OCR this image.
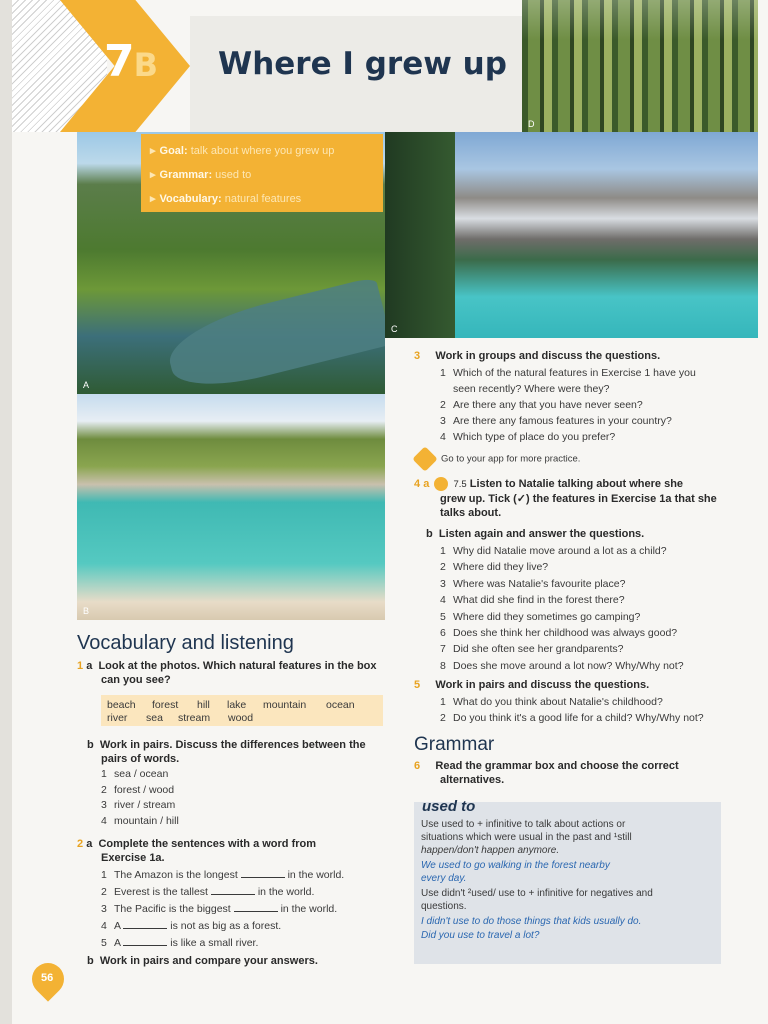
7B Where I grew up
D
A
C
B
▸ Goal: talk about where you grew up
▸ Grammar: used to
▸ Vocabulary: natural features
Vocabulary and listening
1 a Look at the photos. Which natural features in the box
can you see?
beach forest hill lake mountain ocean
river sea stream wood
b Work in pairs. Discuss the differences between the
pairs of words.
1 sea / ocean
2 forest / wood
3 river / stream
4 mountain / hill
2 a Complete the sentences with a word from
Exercise 1a.
1 The Amazon is the longest	in the world.
2 Everest is the tallest	in the world.
3 The Pacific is the biggest	in the world.
4 A	is not as big as a forest.
5 A	is like a small river.
b Work in pairs and compare your answers.
56
3 Work in groups and discuss the questions.
1 Which of the natural features in Exercise 1 have you
seen recently? Where were they?
2 Are there any that you have never seen?
3 Are there any famous features in your country?
4 Which type of place do you prefer?
Go to your app for more practice.
4 a	7.5 Listen to Natalie talking about where she
grew up. Tick (✓) the features in Exercise 1a that she
talks about.
b Listen again and answer the questions.
1 Why did Natalie move around a lot as a child?
2 Where did they live?
3 Where was Natalie's favourite place?
4 What did she find in the forest there?
5 Where did they sometimes go camping?
6 Does she think her childhood was always good?
7 Did she often see her grandparents?
8 Does she move around a lot now? Why/Why not?
5 Work in pairs and discuss the questions.
1 What do you think about Natalie's childhood?
2 Do you think it's a good life for a child? Why/Why not?
Grammar
6 Read the grammar box and choose the correct
alternatives.
used to
Use used to + infinitive to talk about actions or
situations which were usual in the past and ¹still
happen/don't happen anymore.
We used to go walking in the forest nearby
every day.
Use didn't ²used/ use to + infinitive for negatives and
questions.
I didn't use to do those things that kids usually do.
Did you use to travel a lot?
